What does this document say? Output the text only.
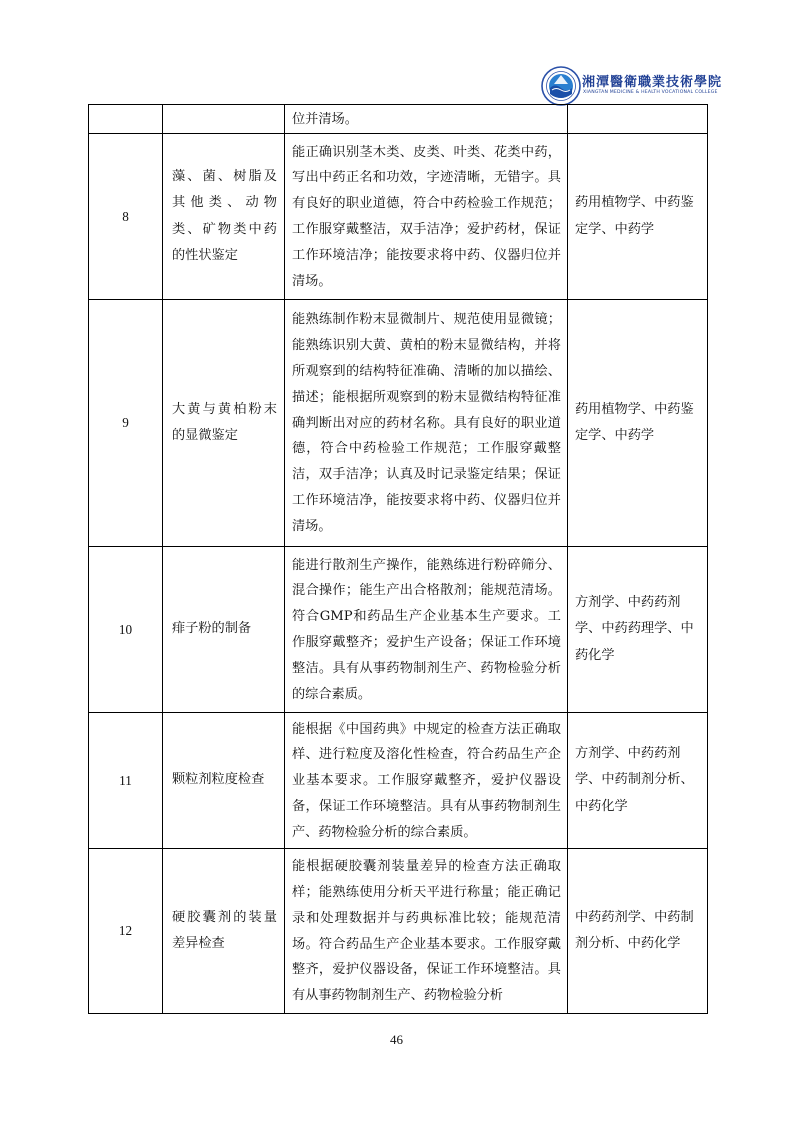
湘潭醫衛職業技術學院
XIANGTAN MEDICINE & HEALTH VOCATIONAL COLLEGE
		位并清场。	
8	藻、菌、树脂及其他类、动物类、矿物类中药的性状鉴定	能正确识别茎木类、皮类、叶类、花类中药，写出中药正名和功效，字迹清晰，无错字。具有良好的职业道德，符合中药检验工作规范；工作服穿戴整洁，双手洁净；爱护药材，保证工作环境洁净；能按要求将中药、仪器归位并清场。	药用植物学、中药鉴定学、中药学
9	大黄与黄柏粉末的显微鉴定	能熟练制作粉末显微制片、规范使用显微镜；能熟练识别大黄、黄柏的粉末显微结构，并将所观察到的结构特征准确、清晰的加以描绘、描述；能根据所观察到的粉末显微结构特征准确判断出对应的药材名称。具有良好的职业道德，符合中药检验工作规范；工作服穿戴整洁，双手洁净；认真及时记录鉴定结果；保证工作环境洁净，能按要求将中药、仪器归位并清场。	药用植物学、中药鉴定学、中药学
10	痱子粉的制备	能进行散剂生产操作，能熟练进行粉碎筛分、混合操作；能生产出合格散剂；能规范清场。符合GMP和药品生产企业基本生产要求。工作服穿戴整齐；爱护生产设备；保证工作环境整洁。具有从事药物制剂生产、药物检验分析的综合素质。	方剂学、中药药剂学、中药药理学、中药化学
11	颗粒剂粒度检查	能根据《中国药典》中规定的检查方法正确取样、进行粒度及溶化性检查，符合药品生产企业基本要求。工作服穿戴整齐，爱护仪器设备，保证工作环境整洁。具有从事药物制剂生产、药物检验分析的综合素质。	方剂学、中药药剂学、中药制剂分析、中药化学
12	硬胶囊剂的装量差异检查	能根据硬胶囊剂装量差异的检查方法正确取样；能熟练使用分析天平进行称量；能正确记录和处理数据并与药典标准比较；能规范清场。符合药品生产企业基本要求。工作服穿戴整齐，爱护仪器设备，保证工作环境整洁。具有从事药物制剂生产、药物检验分析	中药药剂学、中药制剂分析、中药化学
46
